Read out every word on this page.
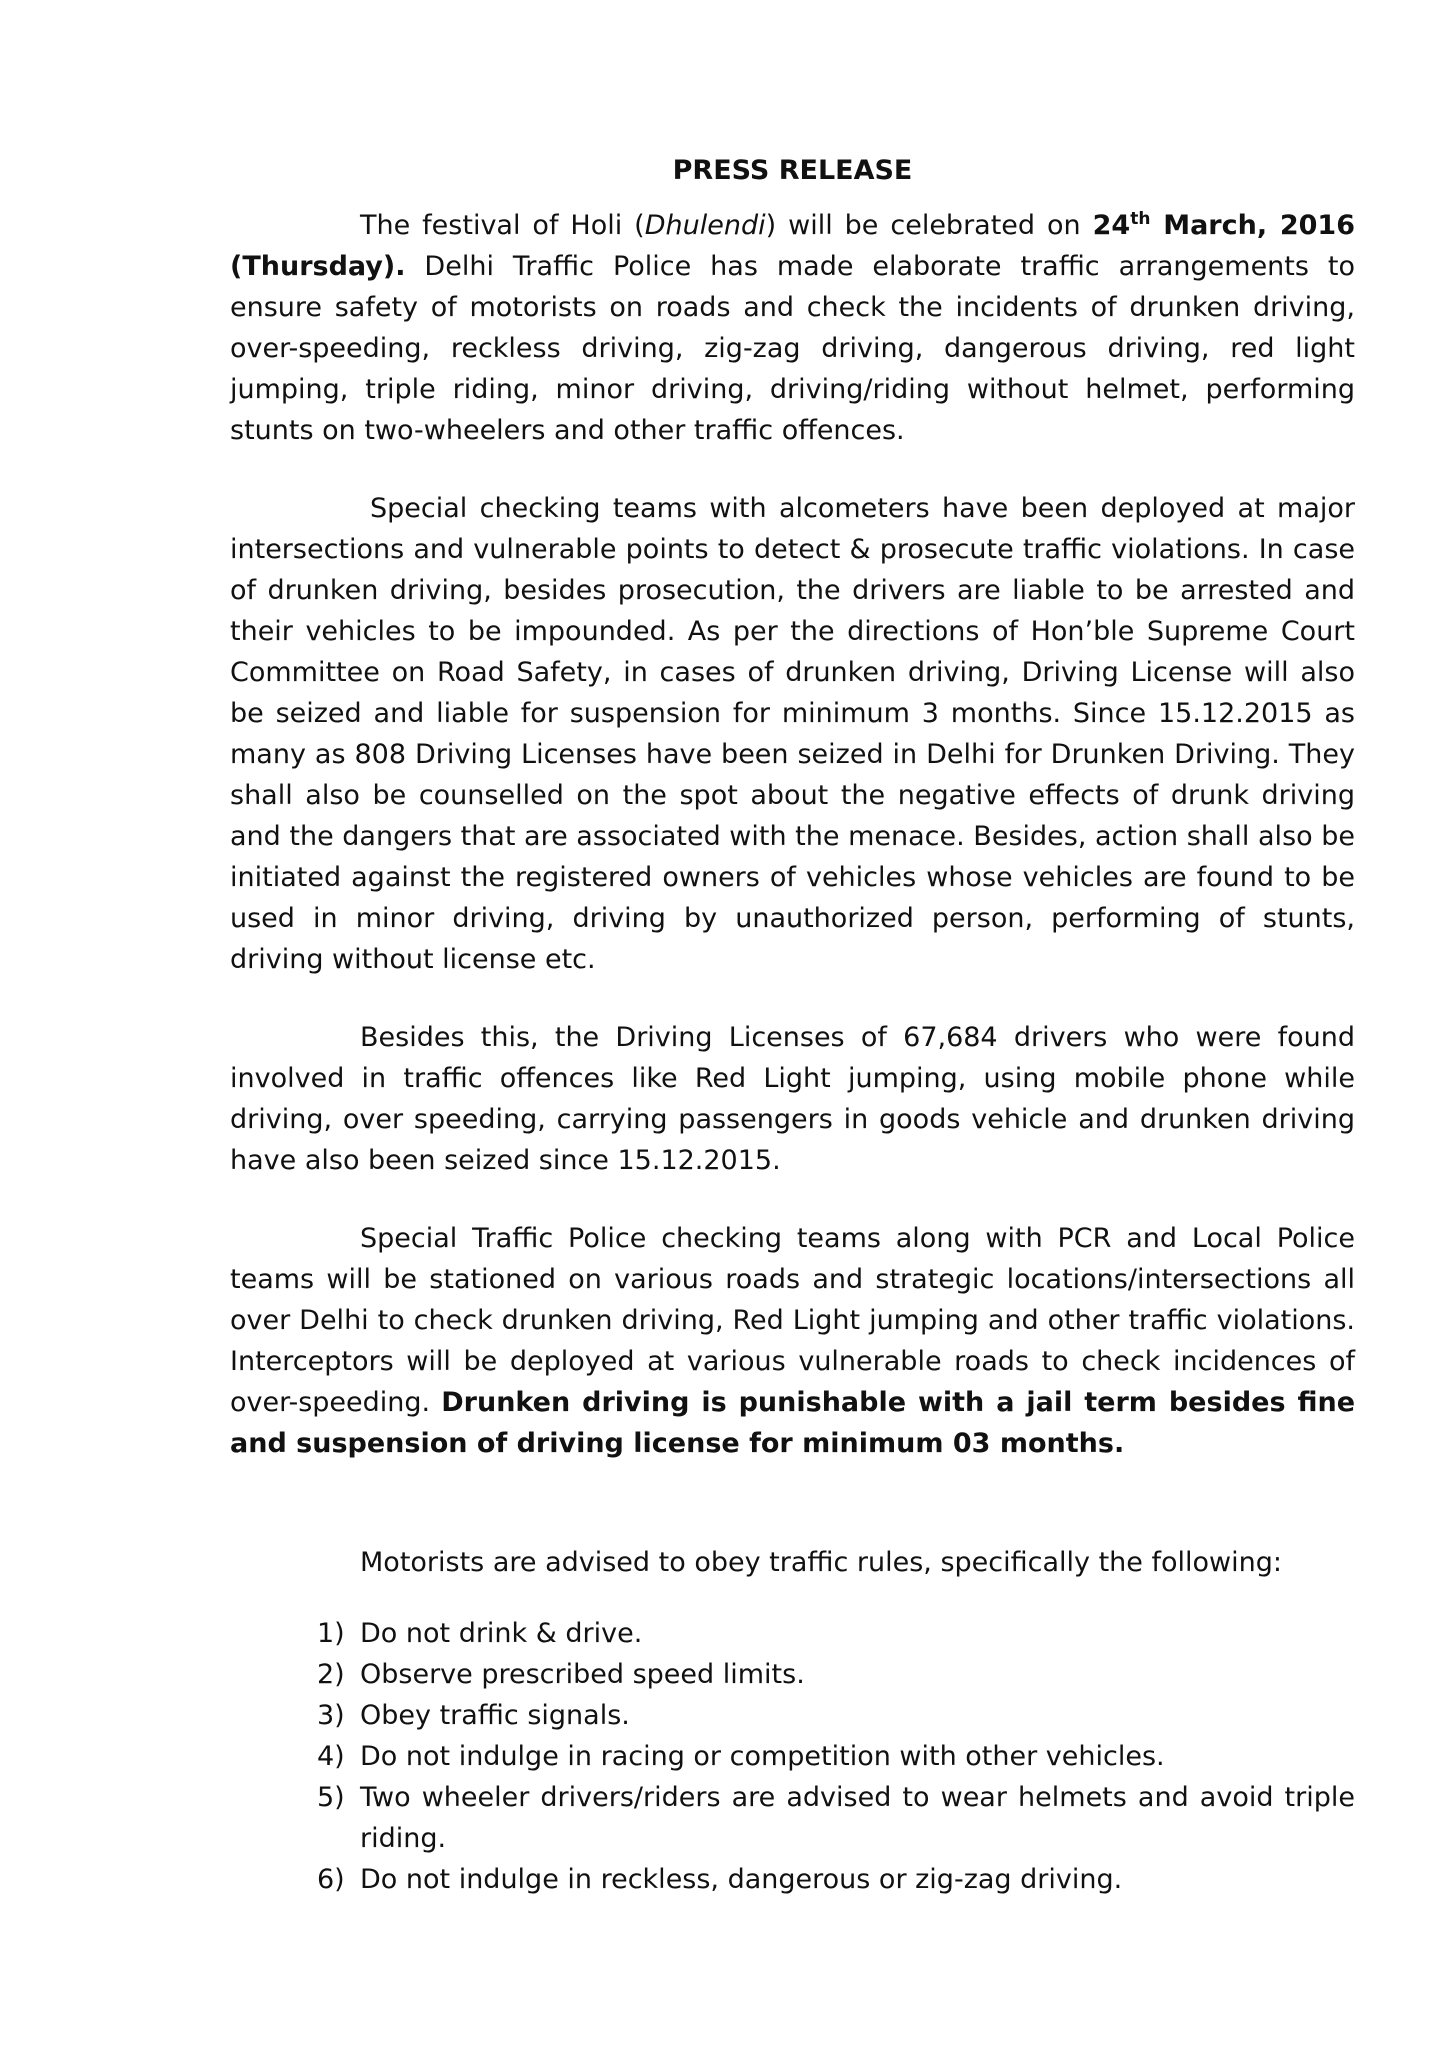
PRESS RELEASE

The festival of Holi (Dhulendi) will be celebrated on 24th March, 2016 (Thursday). Delhi Traffic Police has made elaborate traffic arrangements to ensure safety of motorists on roads and check the incidents of drunken driving, over-speeding, reckless driving, zig-zag driving, dangerous driving, red light jumping, triple riding, minor driving, driving/riding without helmet, performing stunts on two-wheelers and other traffic offences.

Special checking teams with alcometers have been deployed at major intersections and vulnerable points to detect & prosecute traffic violations. In case of drunken driving, besides prosecution, the drivers are liable to be arrested and their vehicles to be impounded. As per the directions of Hon’ble Supreme Court Committee on Road Safety, in cases of drunken driving, Driving License will also be seized and liable for suspension for minimum 3 months. Since 15.12.2015 as many as 808 Driving Licenses have been seized in Delhi for Drunken Driving. They shall also be counselled on the spot about the negative effects of drunk driving and the dangers that are associated with the menace. Besides, action shall also be initiated against the registered owners of vehicles whose vehicles are found to be used in minor driving, driving by unauthorized person, performing of stunts, driving without license etc.

Besides this, the Driving Licenses of 67,684 drivers who were found involved in traffic offences like Red Light jumping, using mobile phone while driving, over speeding, carrying passengers in goods vehicle and drunken driving have also been seized since 15.12.2015.

Special Traffic Police checking teams along with PCR and Local Police teams will be stationed on various roads and strategic locations/intersections all over Delhi to check drunken driving, Red Light jumping and other traffic violations. Interceptors will be deployed at various vulnerable roads to check incidences of over-speeding. Drunken driving is punishable with a jail term besides fine and suspension of driving license for minimum 03 months.

Motorists are advised to obey traffic rules, specifically the following:

1) Do not drink & drive.
2) Observe prescribed speed limits.
3) Obey traffic signals.
4) Do not indulge in racing or competition with other vehicles.
5) Two wheeler drivers/riders are advised to wear helmets and avoid triple riding.
6) Do not indulge in reckless, dangerous or zig-zag driving.
